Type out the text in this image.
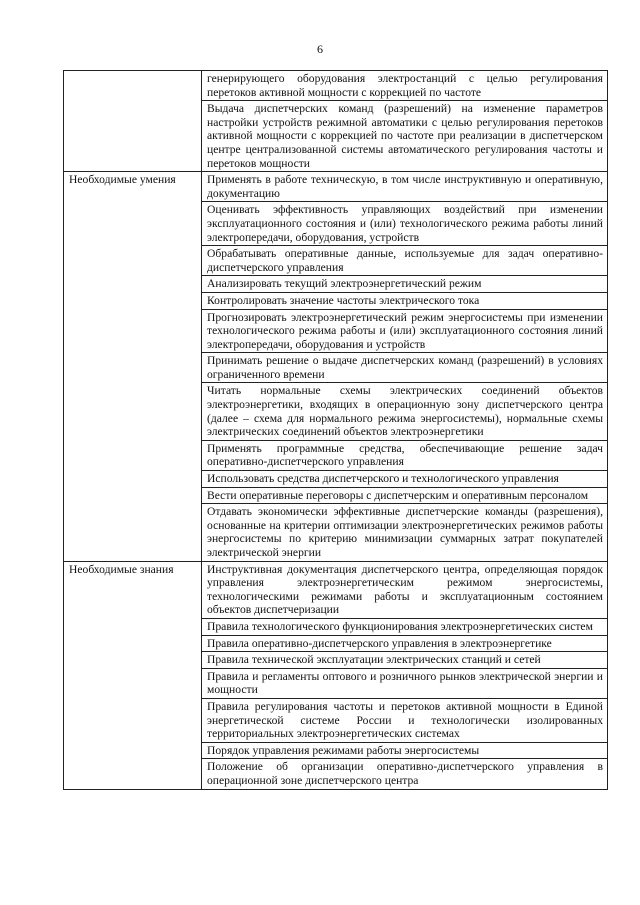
6
	генерирующего оборудования электростанций с целью регулирования перетоков активной мощности с коррекцией по частоте
	Выдача диспетчерских команд (разрешений) на изменение параметров настройки устройств режимной автоматики с целью регулирования перетоков активной мощности с коррекцией по частоте при реализации в диспетчерском центре централизованной системы автоматического регулирования частоты и перетоков мощности
Необходимые умения	Применять в работе техническую, в том числе инструктивную и оперативную, документацию
	Оценивать эффективность управляющих воздействий при изменении эксплуатационного состояния и (или) технологического режима работы линий электропередачи, оборудования, устройств
	Обрабатывать оперативные данные, используемые для задач оперативно-диспетчерского управления
	Анализировать текущий электроэнергетический режим
	Контролировать значение частоты электрического тока
	Прогнозировать электроэнергетический режим энергосистемы при изменении технологического режима работы и (или) эксплуатационного состояния линий электропередачи, оборудования и устройств
	Принимать решение о выдаче диспетчерских команд (разрешений) в условиях ограниченного времени
	Читать нормальные схемы электрических соединений объектов электроэнергетики, входящих в операционную зону диспетчерского центра (далее – схема для нормального режима энергосистемы), нормальные схемы электрических соединений объектов электроэнергетики
	Применять программные средства, обеспечивающие решение задач оперативно-диспетчерского управления
	Использовать средства диспетчерского и технологического управления
	Вести оперативные переговоры с диспетчерским и оперативным персоналом
	Отдавать экономически эффективные диспетчерские команды (разрешения), основанные на критерии оптимизации электроэнергетических режимов работы энергосистемы по критерию минимизации суммарных затрат покупателей электрической энергии
Необходимые знания	Инструктивная документация диспетчерского центра, определяющая порядок управления электроэнергетическим режимом энергосистемы, технологическими режимами работы и эксплуатационным состоянием объектов диспетчеризации
	Правила технологического функционирования электроэнергетических систем
	Правила оперативно-диспетчерского управления в электроэнергетике
	Правила технической эксплуатации электрических станций и сетей
	Правила и регламенты оптового и розничного рынков электрической энергии и мощности
	Правила регулирования частоты и перетоков активной мощности в Единой энергетической системе России и технологически изолированных территориальных электроэнергетических системах
	Порядок управления режимами работы энергосистемы
	Положение об организации оперативно-диспетчерского управления в операционной зоне диспетчерского центра
